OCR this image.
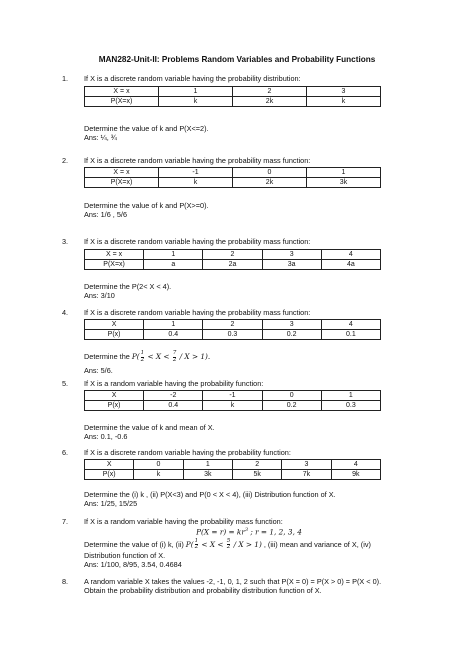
MAN282-Unit-II: Problems Random Variables and Probability Functions
1.	If X is a discrete random variable having the probability distribution:
X = x	1	2	3
P(X=x)	k	2k	k
Determine the value of k and P(X<=2).
Ans: ¼, ¾
2.	If X is a discrete random variable having the probability mass function:
X = x	-1	0	1
P(X=x)	k	2k	3k
Determine the value of k and P(X>=0).
Ans: 1/6 , 5/6
3.	If X is a discrete random variable having the probability mass function:
X = x	1	2	3	4
P(X=x)	a	2a	3a	4a
Determine the P(2< X < 4).
Ans: 3/10
4.	If X is a discrete random variable having the probability mass function:
X	1	2	3	4
P(x)	0.4	0.3	0.2	0.1
Determine the $P( \frac{1}{2} < X < \frac{7}{2} / X > 1)$.
Ans: 5/6.
5.	If X is a random variable having the probability function:
X	-2	-1	0	1
P(x)	0.4	k	0.2	0.3
Determine the value of k and mean of X.
Ans: 0.1, -0.6
6.	If X is a discrete random variable having the probability function:
X	0	1	2	3	4
P(x)	k	3k	5k	7k	9k
Determine the (i) k , (ii) P(X<3) and P(0 < X < 4), (iii) Distribution function of X.
Ans: 1/25, 15/25
7.	If X is a random variable having the probability mass function:
$P(X = r) = kr^3$ ; r = 1, 2, 3, 4
Determine the value of (i) k, (ii) $P( \frac{1}{2} < X < \frac{5}{2} / X > 1)$ , (iii) mean and variance of X, (iv)
Distribution function of X.
Ans: 1/100, 8/95, 3.54, 0.4684
8.	A random variable X takes the values -2, -1, 0, 1, 2 such that P(X = 0) = P(X > 0) = P(X < 0).
Obtain the probability distribution and probability distribution function of X.
